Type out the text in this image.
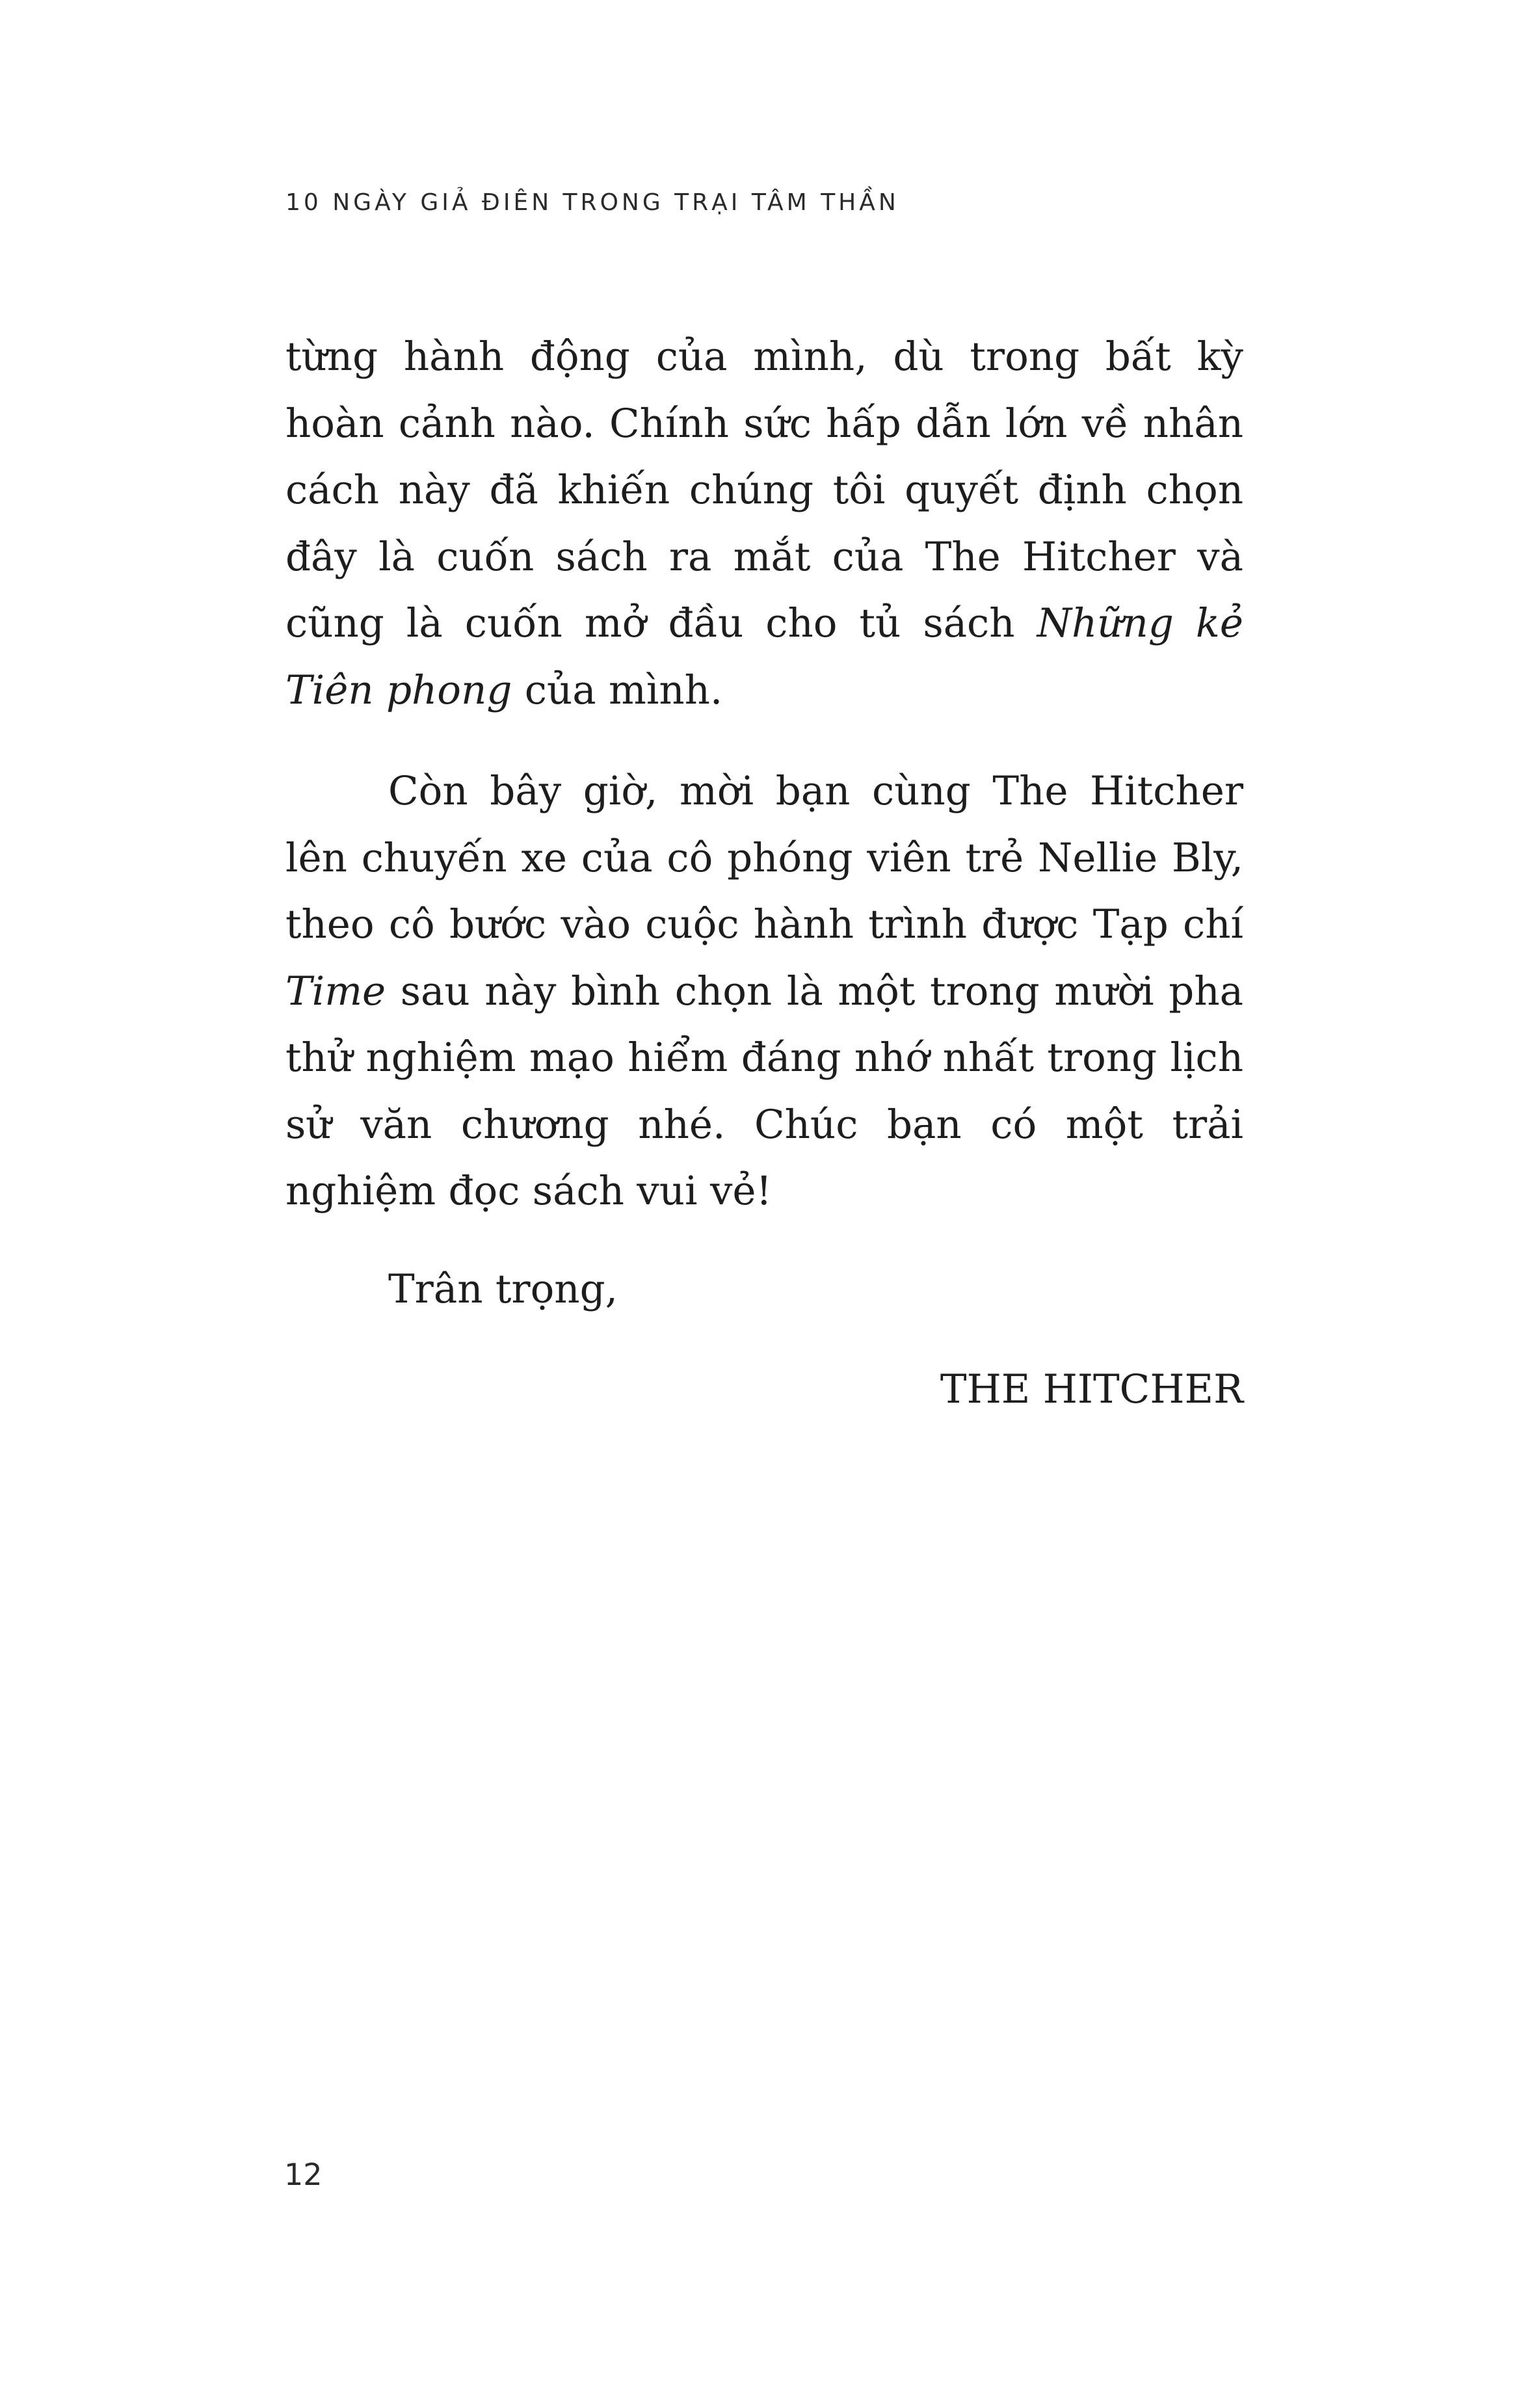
10 NGÀY GIẢ ĐIÊN TRONG TRẠI TÂM THẦN

từng hành động của mình, dù trong bất kỳ hoàn cảnh nào. Chính sức hấp dẫn lớn về nhân cách này đã khiến chúng tôi quyết định chọn đây là cuốn sách ra mắt của The Hitcher và cũng là cuốn mở đầu cho tủ sách Những kẻ Tiên phong của mình.

Còn bây giờ, mời bạn cùng The Hitcher lên chuyến xe của cô phóng viên trẻ Nellie Bly, theo cô bước vào cuộc hành trình được Tạp chí Time sau này bình chọn là một trong mười pha thử nghiệm mạo hiểm đáng nhớ nhất trong lịch sử văn chương nhé. Chúc bạn có một trải nghiệm đọc sách vui vẻ!

Trân trọng,
THE HITCHER
12
